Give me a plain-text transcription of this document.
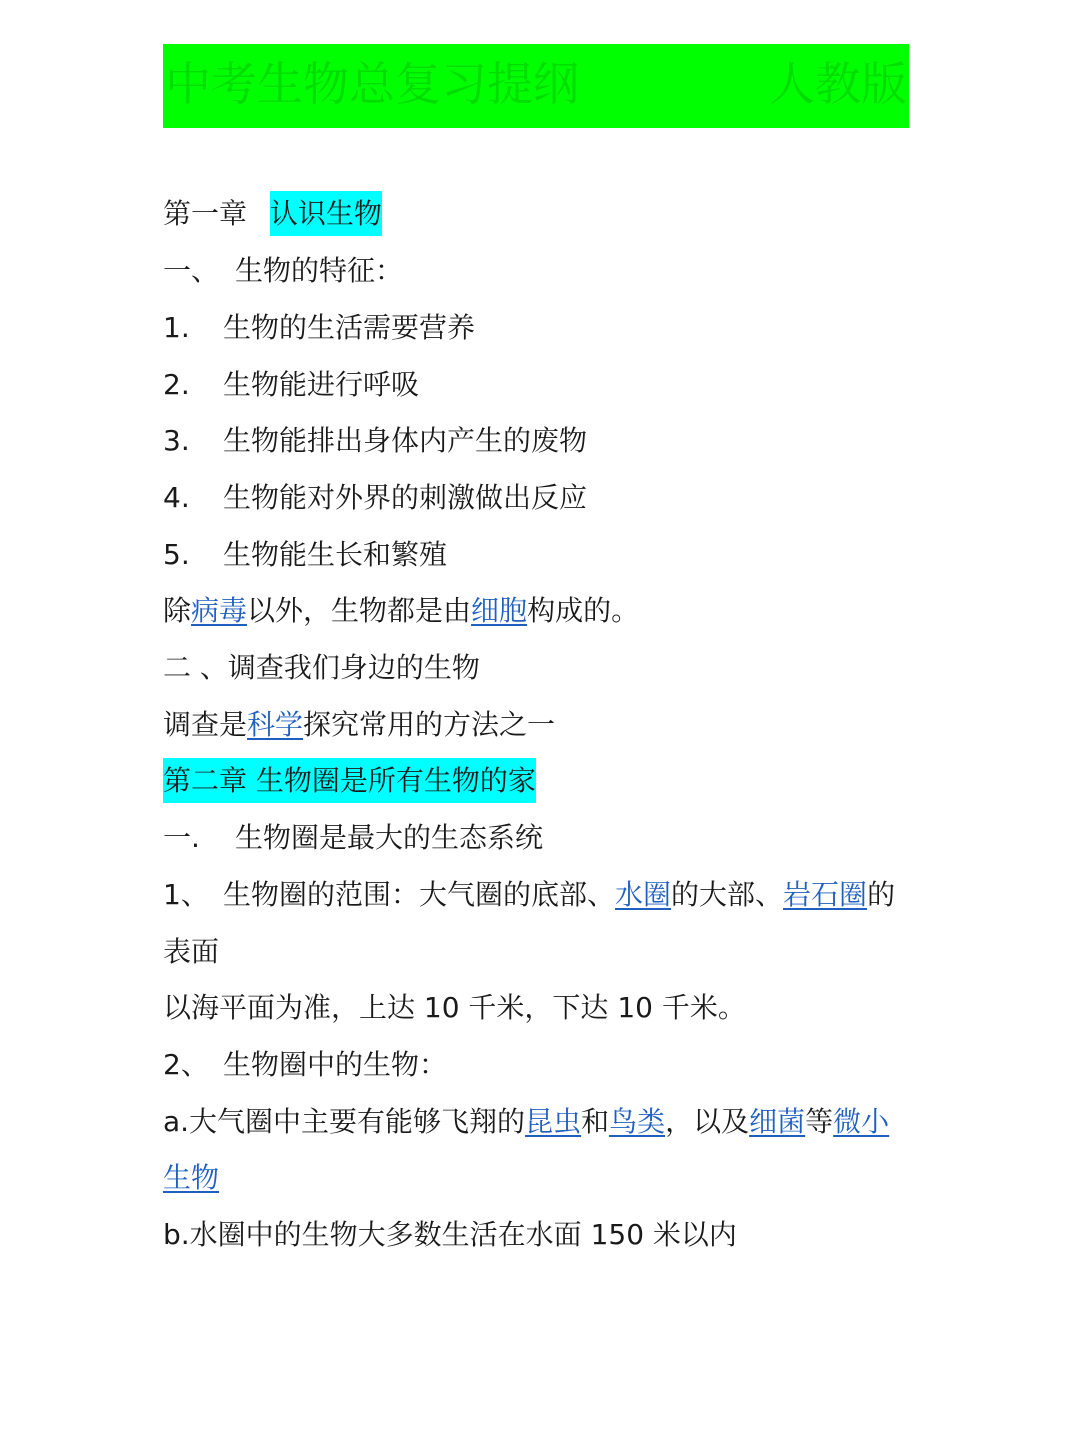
中考生物总复习提纲	人教版
第一章 认识生物
一、 生物的特征：
1. 生物的生活需要营养
2. 生物能进行呼吸
3. 生物能排出身体内产生的废物
4. 生物能对外界的刺激做出反应
5. 生物能生长和繁殖
除病毒以外，生物都是由细胞构成的。
二 、调查我们身边的生物
调查是科学探究常用的方法之一
第二章 生物圈是所有生物的家
一. 生物圈是最大的生态系统
1、 生物圈的范围：大气圈的底部、水圈的大部、岩石圈的
表面
以海平面为准，上达 10 千米，下达 10 千米。
2、 生物圈中的生物：
a.大气圈中主要有能够飞翔的昆虫和鸟类，以及细菌等微小
生物
b.水圈中的生物大多数生活在水面 150 米以内
